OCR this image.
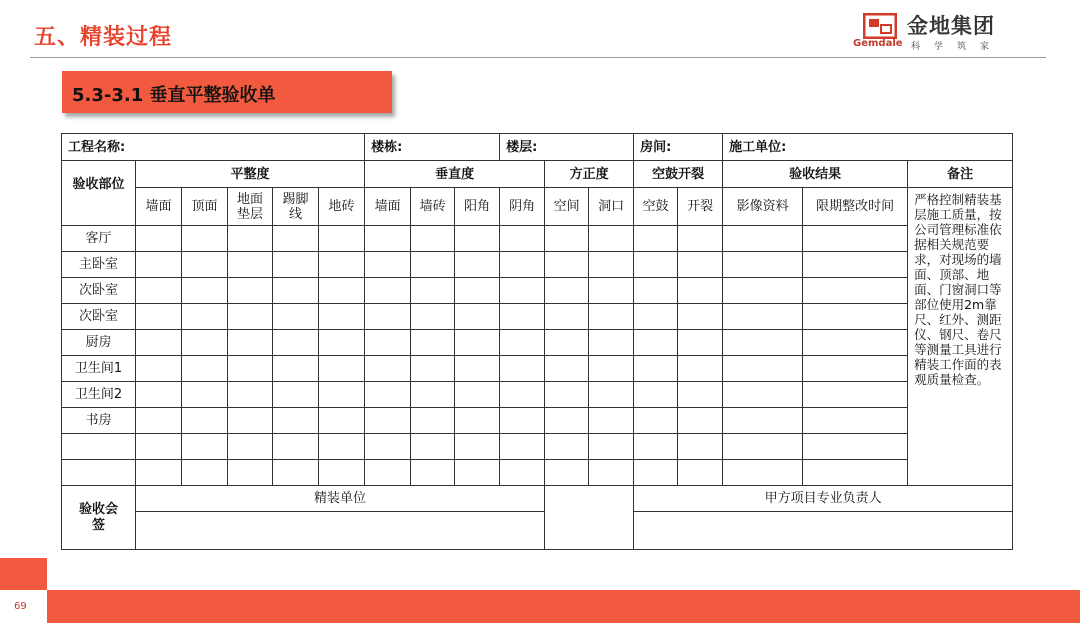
五、精装过程	金地集团
Gemdale 科学筑家
5.3-3.1 垂直平整验收单
工程名称:						楼栋:			楼层:			房间:		施工单位:		
验收部位	平整度					垂直度				方正度		空鼓开裂		验收结果		备注
	墙面	顶面	地面垫层	踢脚线	地砖	墙面	墙砖	阳角	阴角	空间	洞口	空鼓	开裂	影像资料	限期整改时间	严格控制精装基层施工质量，按公司管理标准依据相关规范要求，对现场的墙面、顶部、地面、门窗洞口等部位使用2m靠尺、红外、测距仪、钢尺、卷尺等测量工具进行精装工作面的表观质量检查。
客厅																
主卧室																
次卧室																
次卧室																
厨房																
卫生间1																
卫生间2																
书房																

验收会签	精装单位											甲方项目专业负责人				

69
